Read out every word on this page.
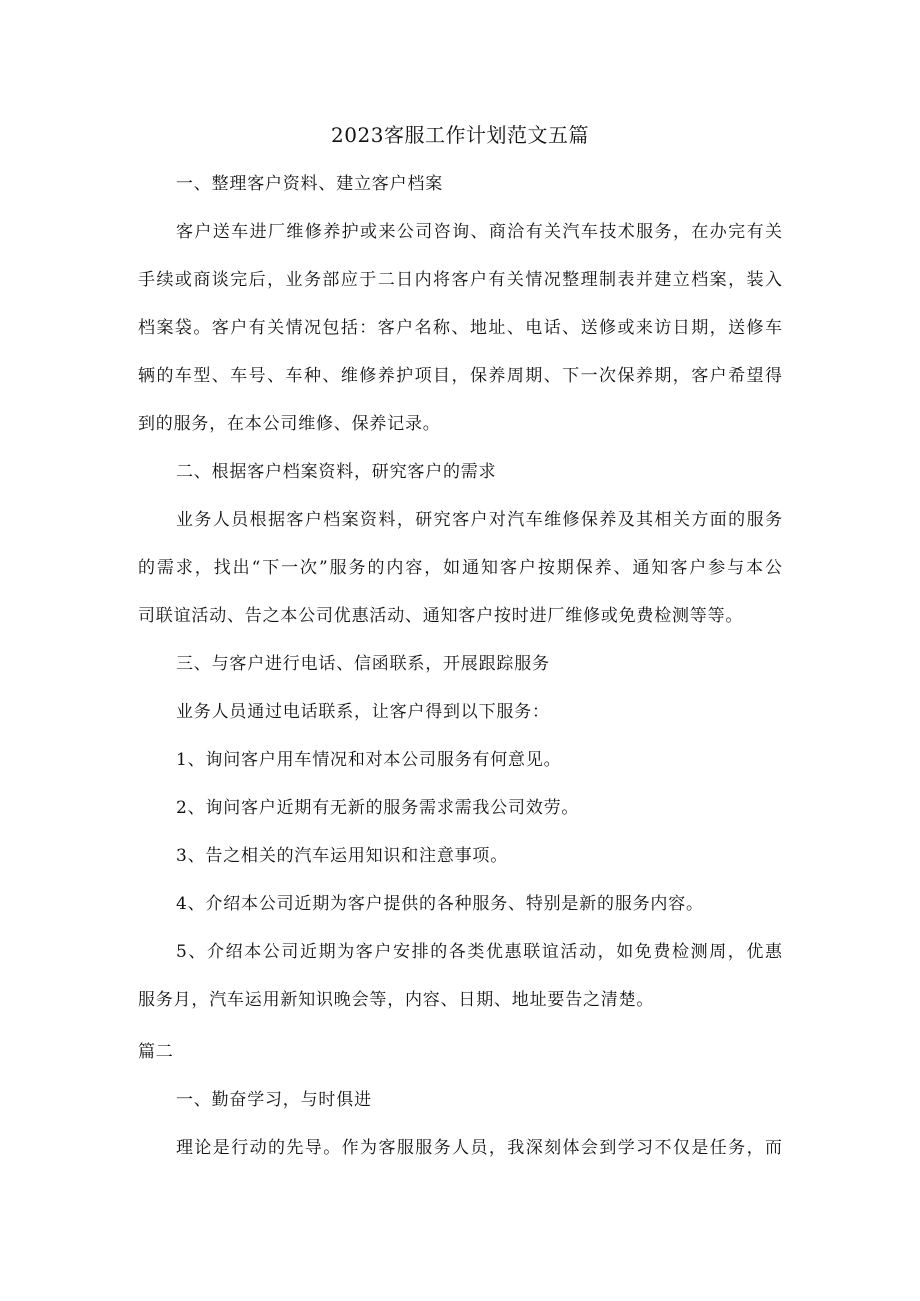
2023客服工作计划范文五篇
一、整理客户资料、建立客户档案
客户送车进厂维修养护或来公司咨询、商洽有关汽车技术服务，在办完有关
手续或商谈完后，业务部应于二日内将客户有关情况整理制表并建立档案，装入
档案袋。客户有关情况包括：客户名称、地址、电话、送修或来访日期，送修车
辆的车型、车号、车种、维修养护项目，保养周期、下一次保养期，客户希望得
到的服务，在本公司维修、保养记录。
二、根据客户档案资料，研究客户的需求
业务人员根据客户档案资料，研究客户对汽车维修保养及其相关方面的服务
的需求，找出“下一次”服务的内容，如通知客户按期保养、通知客户参与本公
司联谊活动、告之本公司优惠活动、通知客户按时进厂维修或免费检测等等。
三、与客户进行电话、信函联系，开展跟踪服务
业务人员通过电话联系，让客户得到以下服务：
1、询问客户用车情况和对本公司服务有何意见。
2、询问客户近期有无新的服务需求需我公司效劳。
3、告之相关的汽车运用知识和注意事项。
4、介绍本公司近期为客户提供的各种服务、特别是新的服务内容。
5、介绍本公司近期为客户安排的各类优惠联谊活动，如免费检测周，优惠
服务月，汽车运用新知识晚会等，内容、日期、地址要告之清楚。
篇二
一、勤奋学习，与时俱进
理论是行动的先导。作为客服服务人员，我深刻体会到学习不仅是任务，而
